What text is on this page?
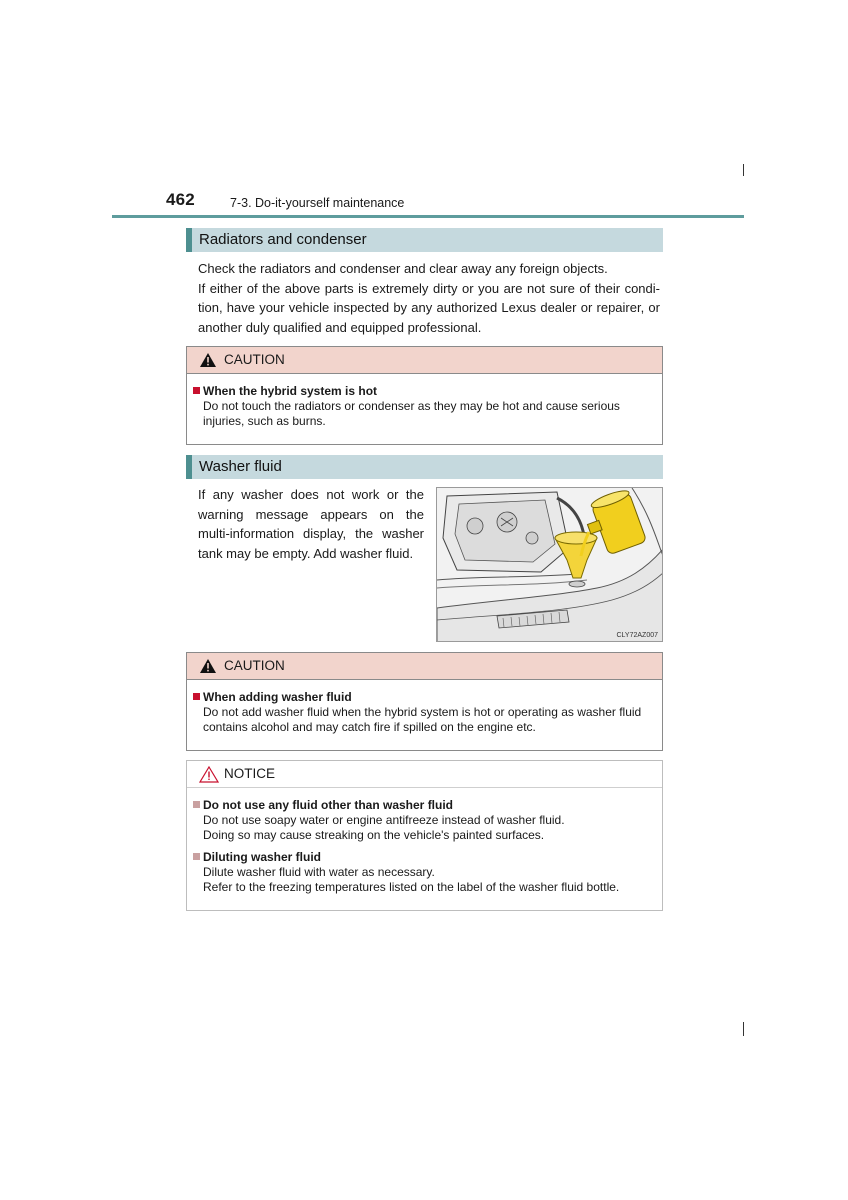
462	7-3. Do-it-yourself maintenance
Radiators and condenser

Check the radiators and condenser and clear away any foreign objects.

If either of the above parts is extremely dirty or you are not sure of their condi-tion, have your vehicle inspected by any authorized Lexus dealer or repairer, or another duly qualified and equipped professional.

CAUTION
When the hybrid system is hot
Do not touch the radiators or condenser as they may be hot and cause serious injuries, such as burns.
Washer fluid

If any washer does not work or the warning message appears on the multi-information display, the washer tank may be empty. Add washer fluid.

CLY72AZ007
CAUTION
When adding washer fluid
Do not add washer fluid when the hybrid system is hot or operating as washer fluid contains alcohol and may catch fire if spilled on the engine etc.
NOTICE
Do not use any fluid other than washer fluid
Do not use soapy water or engine antifreeze instead of washer fluid.
Doing so may cause streaking on the vehicle's painted surfaces.
Diluting washer fluid
Dilute washer fluid with water as necessary.
Refer to the freezing temperatures listed on the label of the washer fluid bottle.
